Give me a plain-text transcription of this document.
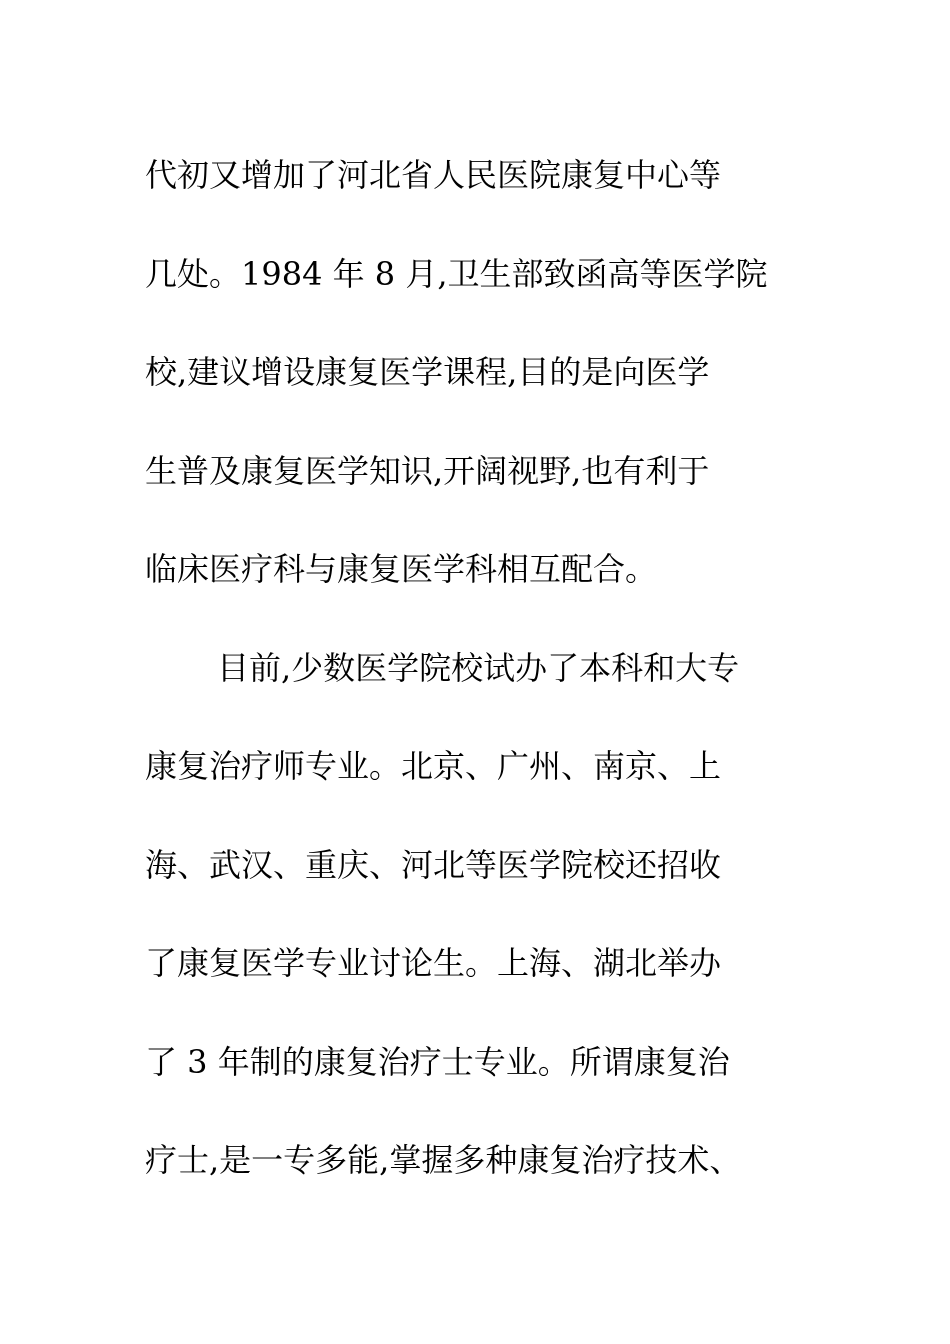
代初又增加了河北省人民医院康复中心等
几处。1984 年 8 月,卫生部致函高等医学院
校,建议增设康复医学课程,目的是向医学
生普及康复医学知识,开阔视野,也有利于
临床医疗科与康复医学科相互配合。
目前,少数医学院校试办了本科和大专
康复治疗师专业。北京、广州、南京、上
海、武汉、重庆、河北等医学院校还招收
了康复医学专业讨论生。上海、湖北举办
了 3 年制的康复治疗士专业。所谓康复治
疗士,是一专多能,掌握多种康复治疗技术、
